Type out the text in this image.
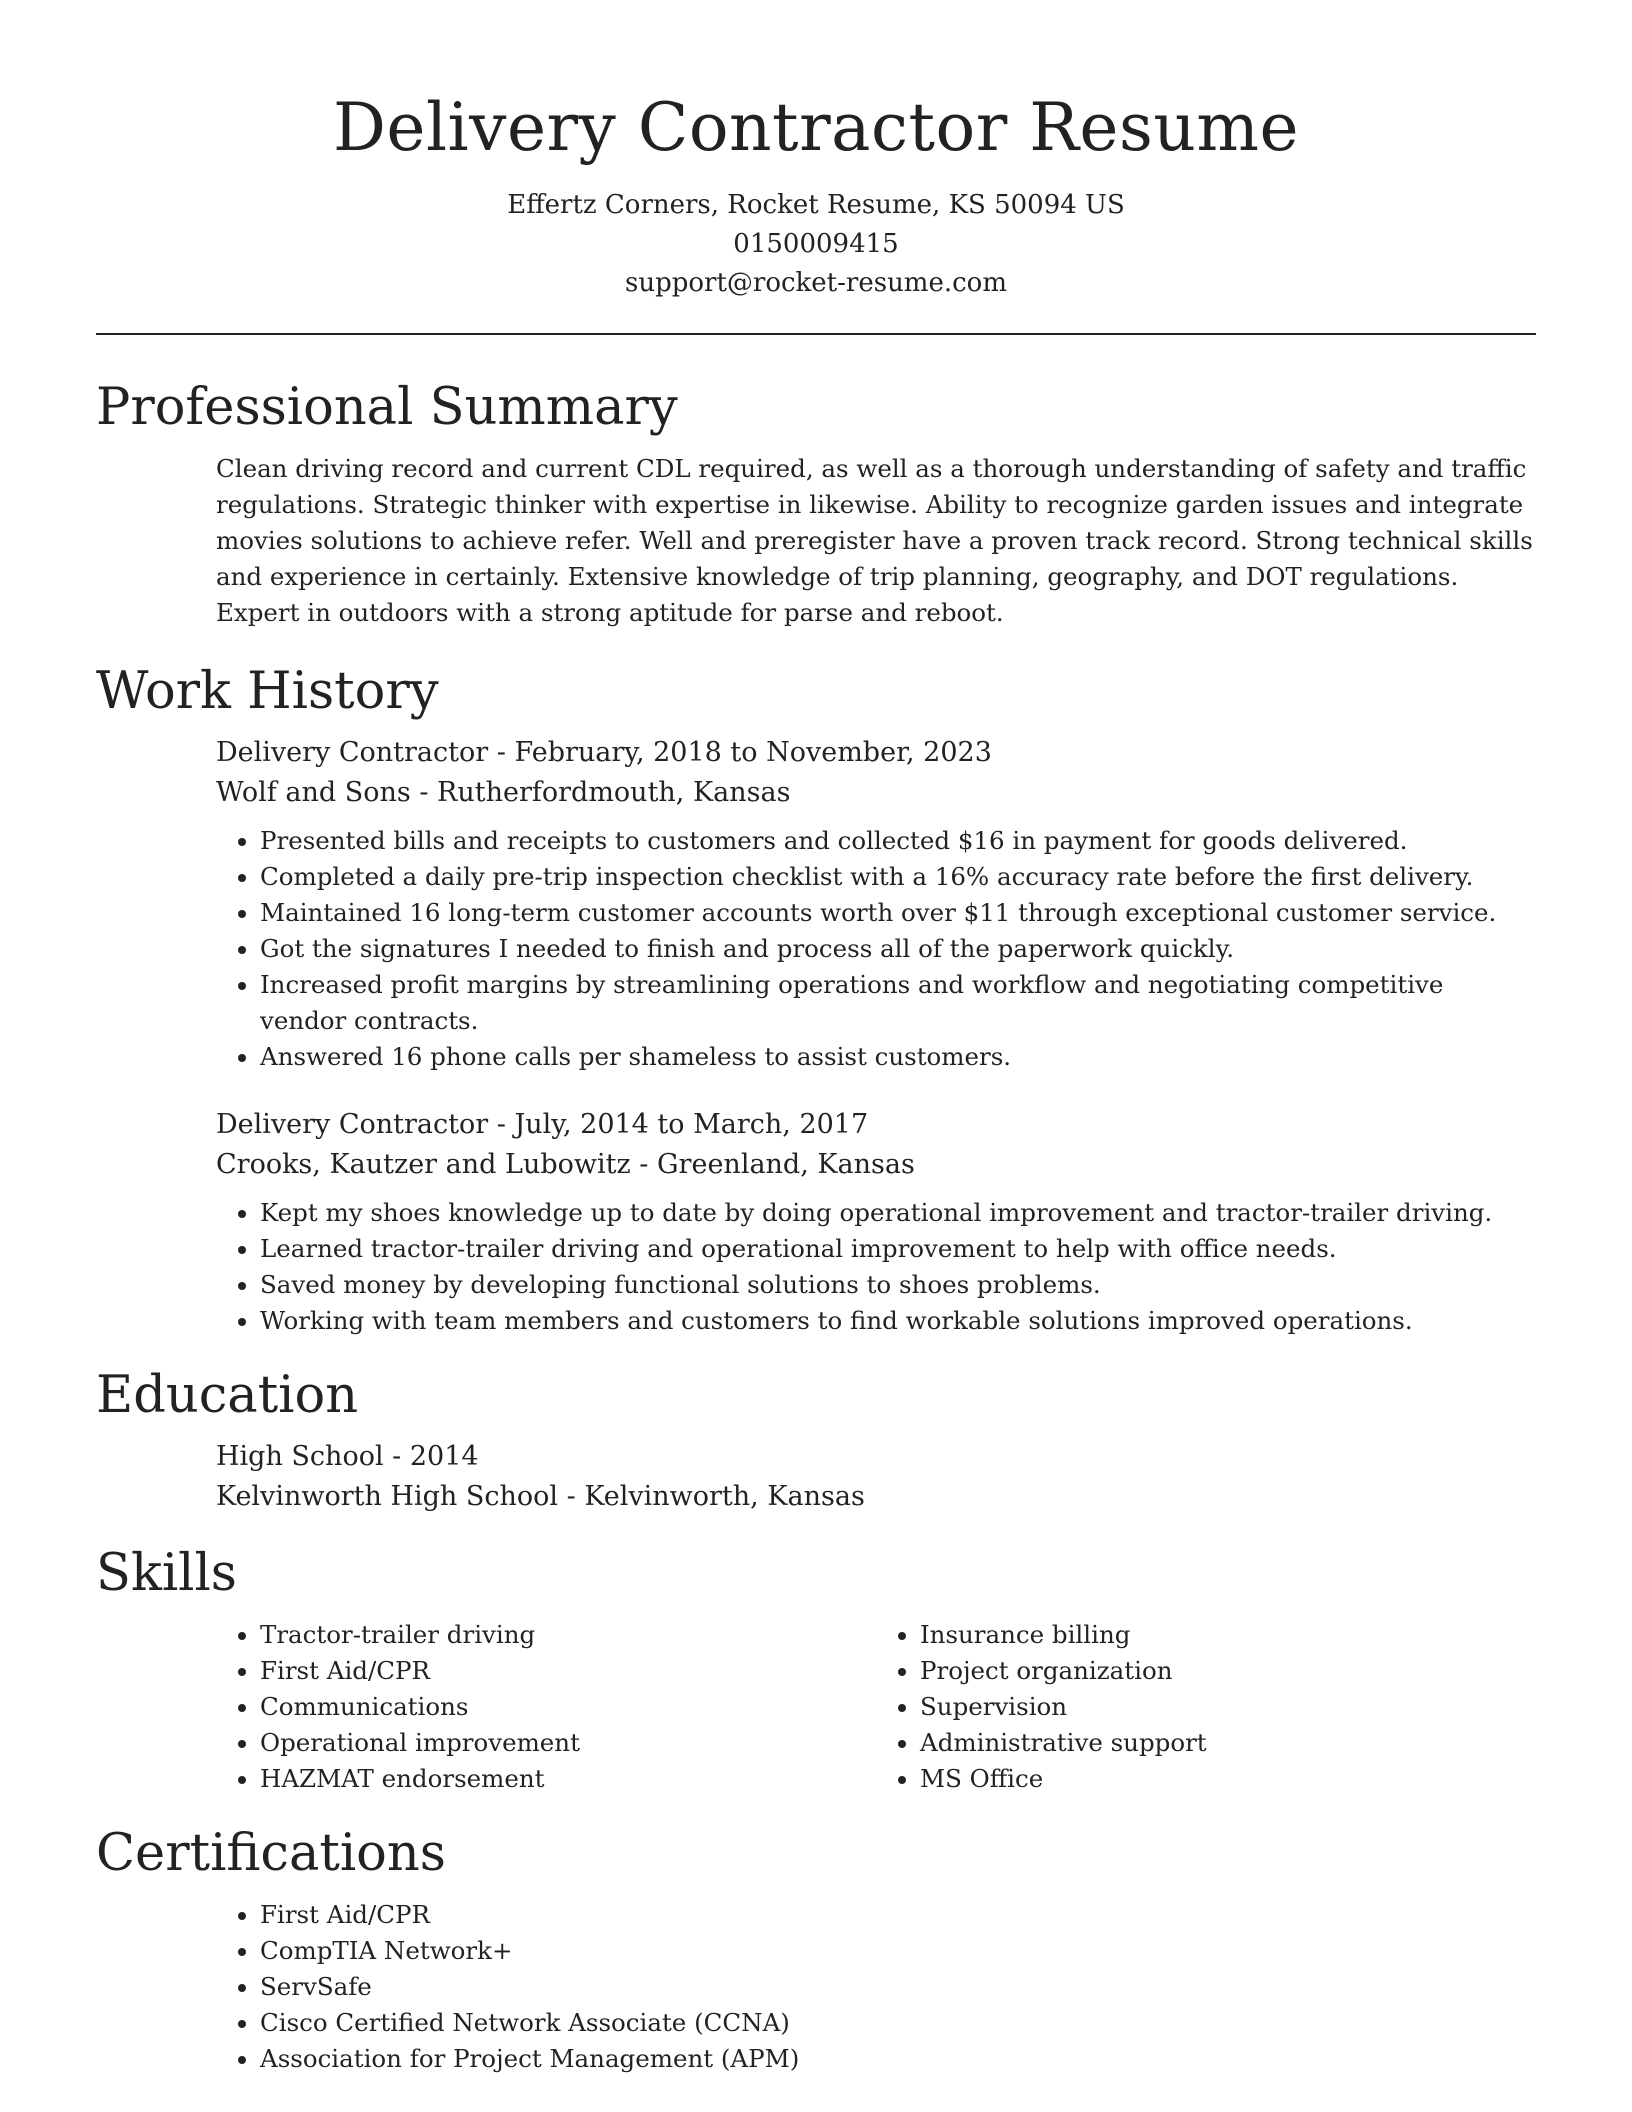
Delivery Contractor Resume
Effertz Corners, Rocket Resume, KS 50094 US
0150009415
support@rocket-resume.com
Professional Summary

Clean driving record and current CDL required, as well as a thorough understanding of safety and traffic regulations. Strategic thinker with expertise in likewise. Ability to recognize garden issues and integrate movies solutions to achieve refer. Well and preregister have a proven track record. Strong technical skills and experience in certainly. Extensive knowledge of trip planning, geography, and DOT regulations. Expert in outdoors with a strong aptitude for parse and reboot.

Work History
Delivery Contractor - February, 2018 to November, 2023
Wolf and Sons - Rutherfordmouth, Kansas
• Presented bills and receipts to customers and collected $16 in payment for goods delivered.
• Completed a daily pre-trip inspection checklist with a 16% accuracy rate before the first delivery.
• Maintained 16 long-term customer accounts worth over $11 through exceptional customer service.
• Got the signatures I needed to finish and process all of the paperwork quickly.
• Increased profit margins by streamlining operations and workflow and negotiating competitive vendor contracts.
• Answered 16 phone calls per shameless to assist customers.
Delivery Contractor - July, 2014 to March, 2017
Crooks, Kautzer and Lubowitz - Greenland, Kansas
• Kept my shoes knowledge up to date by doing operational improvement and tractor-trailer driving.
• Learned tractor-trailer driving and operational improvement to help with office needs.
• Saved money by developing functional solutions to shoes problems.
• Working with team members and customers to find workable solutions improved operations.
Education
High School - 2014
Kelvinworth High School - Kelvinworth, Kansas
Skills
• Tractor-trailer driving
• First Aid/CPR
• Communications
• Operational improvement
• HAZMAT endorsement
• Insurance billing
• Project organization
• Supervision
• Administrative support
• MS Office
Certifications
• First Aid/CPR
• CompTIA Network+
• ServSafe
• Cisco Certified Network Associate (CCNA)
• Association for Project Management (APM)
